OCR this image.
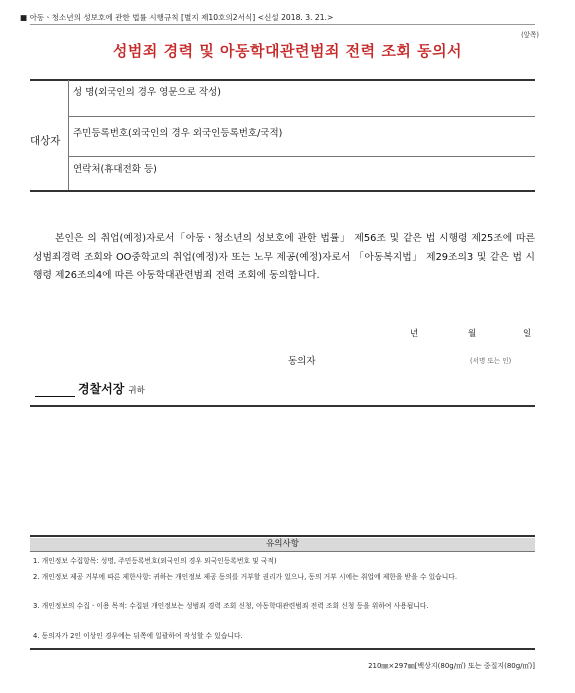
■ 아동ㆍ청소년의 성보호에 관한 법률 시행규칙 [별지 제10호의2서식] <신설 2018. 3. 21.>
(앞쪽)
성범죄 경력 및 아동학대관련범죄 전력 조회 동의서
대상자
성 명(외국인의 경우 영문으로 작성)
주민등록번호(외국인의 경우 외국인등록번호/국적)
연락처(휴대전화 등)
본인은 의 취업(예정)자로서「아동ㆍ청소년의 성보호에 관한 법률」 제56조 및 같은 법 시행령 제25조에 따른 성범죄경력 조회와 OO중학교의 취업(예정)자 또는 노무 제공(예정)자로서 「아동복지법」 제29조의3 및 같은 법 시행령 제26조의4에 따른 아동학대관련범죄 전력 조회에 동의합니다.
년	월	일
동의자	(서명 또는 인)
경찰서장 귀하
유의사항
1. 개인정보 수집항목: 성명, 주민등록번호(외국인의 경우 외국인등록번호 및 국적)
2. 개인정보 제공 거부에 따른 제한사항: 귀하는 개인정보 제공 동의를 거부할 권리가 있으나, 동의 거부 시에는 취업에 제한을 받을 수 있습니다.
3. 개인정보의 수집ㆍ이용 목적: 수집된 개인정보는 성범죄 경력 조회 신청, 아동학대관련범죄 전력 조회 신청 등을 위하여 사용됩니다.
4. 동의자가 2인 이상인 경우에는 뒤쪽에 일괄하여 작성할 수 있습니다.
210㎜×297㎜[백상지(80g/㎡) 또는 중질지(80g/㎡)]
